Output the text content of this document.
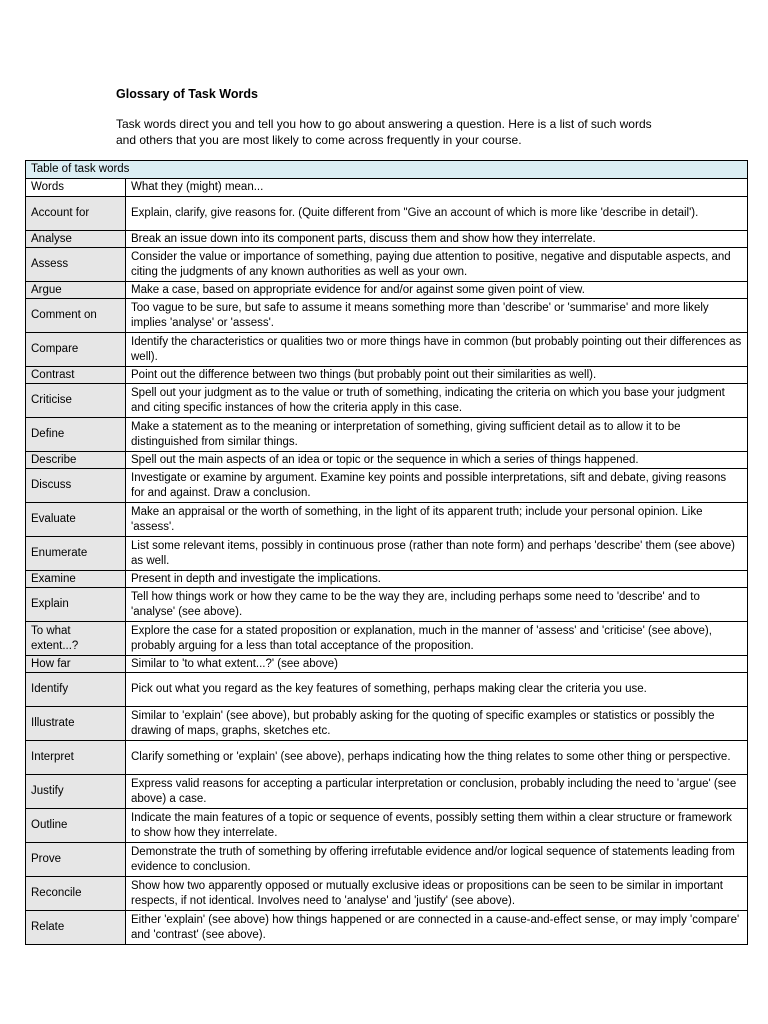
Glossary of Task Words
Task words direct you and tell you how to go about answering a question. Here is a list of such words and others that you are most likely to come across frequently in your course.
Table of task words	
Words	What they (might) mean...
Account for	Explain, clarify, give reasons for. (Quite different from "Give an account of which is more like 'describe in detail').
Analyse	Break an issue down into its component parts, discuss them and show how they interrelate.
Assess	Consider the value or importance of something, paying due attention to positive, negative and disputable aspects, and citing the judgments of any known authorities as well as your own.
Argue	Make a case, based on appropriate evidence for and/or against some given point of view.
Comment on	Too vague to be sure, but safe to assume it means something more than 'describe' or 'summarise' and more likely implies 'analyse' or 'assess'.
Compare	Identify the characteristics or qualities two or more things have in common (but probably pointing out their differences as well).
Contrast	Point out the difference between two things (but probably point out their similarities as well).
Criticise	Spell out your judgment as to the value or truth of something, indicating the criteria on which you base your judgment and citing specific instances of how the criteria apply in this case.
Define	Make a statement as to the meaning or interpretation of something, giving sufficient detail as to allow it to be distinguished from similar things.
Describe	Spell out the main aspects of an idea or topic or the sequence in which a series of things happened.
Discuss	Investigate or examine by argument. Examine key points and possible interpretations, sift and debate, giving reasons for and against. Draw a conclusion.
Evaluate	Make an appraisal or the worth of something, in the light of its apparent truth; include your personal opinion. Like 'assess'.
Enumerate	List some relevant items, possibly in continuous prose (rather than note form) and perhaps 'describe' them (see above) as well.
Examine	Present in depth and investigate the implications.
Explain	Tell how things work or how they came to be the way they are, including perhaps some need to 'describe' and to 'analyse' (see above).
To what extent...?	Explore the case for a stated proposition or explanation, much in the manner of 'assess' and 'criticise' (see above), probably arguing for a less than total acceptance of the proposition.
How far	Similar to 'to what extent...?' (see above)
Identify	Pick out what you regard as the key features of something, perhaps making clear the criteria you use.
Illustrate	Similar to 'explain' (see above), but probably asking for the quoting of specific examples or statistics or possibly the drawing of maps, graphs, sketches etc.
Interpret	Clarify something or 'explain' (see above), perhaps indicating how the thing relates to some other thing or perspective.
Justify	Express valid reasons for accepting a particular interpretation or conclusion, probably including the need to 'argue' (see above) a case.
Outline	Indicate the main features of a topic or sequence of events, possibly setting them within a clear structure or framework to show how they interrelate.
Prove	Demonstrate the truth of something by offering irrefutable evidence and/or logical sequence of statements leading from evidence to conclusion.
Reconcile	Show how two apparently opposed or mutually exclusive ideas or propositions can be seen to be similar in important respects, if not identical. Involves need to 'analyse' and 'justify' (see above).
Relate	Either 'explain' (see above) how things happened or are connected in a cause-and-effect sense, or may imply 'compare' and 'contrast' (see above).
